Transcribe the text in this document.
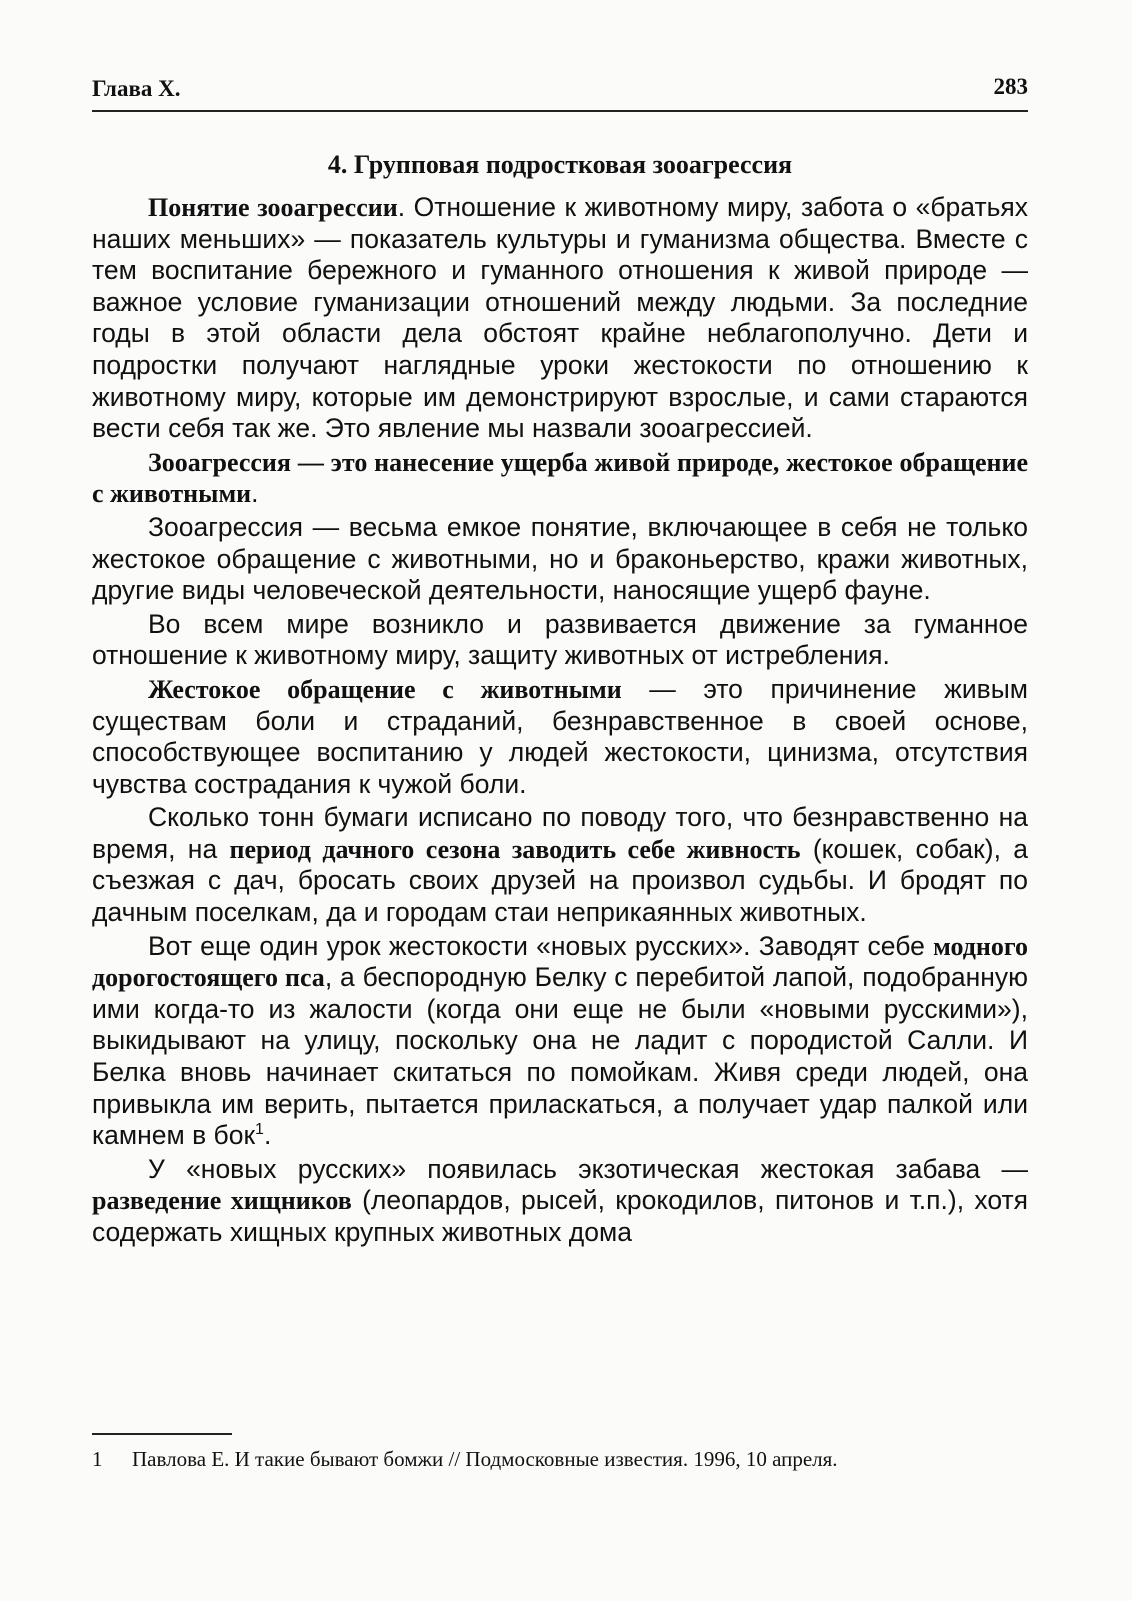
Глава X.	283
4. Групповая подростковая зооагрессия

Понятие зооагрессии. Отношение к животному миру, забота о «братьях наших меньших» — показатель культуры и гуманизма общества. Вместе с тем воспитание бережного и гуманного отношения к живой природе — важное условие гуманизации отношений между людьми. За последние годы в этой области дела обстоят крайне неблагополучно. Дети и подростки получают наглядные уроки жестокости по отношению к животному миру, которые им демонстрируют взрослые, и сами стараются вести себя так же. Это явление мы назвали зооагрессией.

Зооагрессия — это нанесение ущерба живой природе, жестокое обращение с животными.

Зооагрессия — весьма емкое понятие, включающее в себя не только жестокое обращение с животными, но и браконьерство, кражи животных, другие виды человеческой деятельности, наносящие ущерб фауне.

Во всем мире возникло и развивается движение за гуманное отношение к животному миру, защиту животных от истребления.

Жестокое обращение с животными — это причинение живым существам боли и страданий, безнравственное в своей основе, способствующее воспитанию у людей жестокости, цинизма, отсутствия чувства сострадания к чужой боли.

Сколько тонн бумаги исписано по поводу того, что безнравственно на время, на период дачного сезона заводить себе живность (кошек, собак), а съезжая с дач, бросать своих друзей на произвол судьбы. И бродят по дачным поселкам, да и городам стаи неприкаянных животных.

Вот еще один урок жестокости «новых русских». Заводят себе модного дорогостоящего пса, а беспородную Белку с перебитой лапой, подобранную ими когда-то из жалости (когда они еще не были «новыми русскими»), выкидывают на улицу, поскольку она не ладит с породистой Салли. И Белка вновь начинает скитаться по помойкам. Живя среди людей, она привыкла им верить, пытается приласкаться, а получает удар палкой или камнем в бок$^1$.

У «новых русских» появилась экзотическая жестокая забава — разведение хищников (леопардов, рысей, крокодилов, питонов и т.п.), хотя содержать хищных крупных животных дома

1 Павлова Е. И такие бывают бомжи // Подмосковные известия. 1996, 10 апреля.
